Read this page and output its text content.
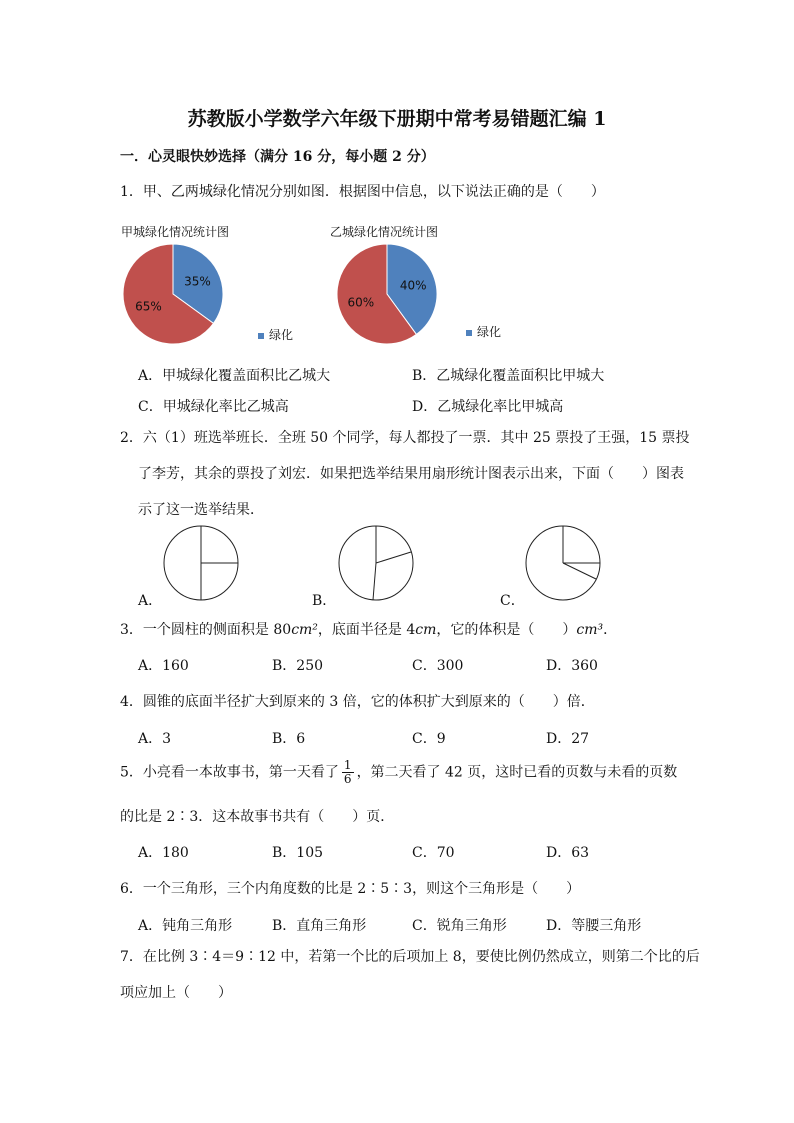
苏教版小学数学六年级下册期中常考易错题汇编 1
一．心灵眼快妙选择（满分 16 分，每小题 2 分）
1．甲、乙两城绿化情况分别如图．根据图中信息，以下说法正确的是（　　）
甲城绿化情况统计图	乙城绿化情况统计图
35%
65%
绿化
40%
60%
绿化
A．甲城绿化覆盖面积比乙城大	B．乙城绿化覆盖面积比甲城大
C．甲城绿化率比乙城高	D．乙城绿化率比甲城高
2．六（1）班选举班长．全班 50 个同学，每人都投了一票．其中 25 票投了王强，15 票投
了李芳，其余的票投了刘宏．如果把选举结果用扇形统计图表示出来，下面（　　）图表
示了这一选举结果．
A．	B．	C．
3．一个圆柱的侧面积是 80cm²，底面半径是 4cm，它的体积是（　　）cm³．
A．160	B．250	C．300	D．360
4．圆锥的底面半径扩大到原来的 3 倍，它的体积扩大到原来的（　　）倍．
A．3	B．6	C．9	D．27
5．小亮看一本故事书，第一天看了 $\frac{1}{6}$ ，第二天看了 42 页，这时已看的页数与未看的页数
的比是 2∶3．这本故事书共有（　　）页．
A．180	B．105	C．70	D．63
6．一个三角形，三个内角度数的比是 2∶5∶3，则这个三角形是（　　）
A．钝角三角形	B．直角三角形	C．锐角三角形	D．等腰三角形
7．在比例 3∶4＝9∶12 中，若第一个比的后项加上 8，要使比例仍然成立，则第二个比的后
项应加上（　　）
